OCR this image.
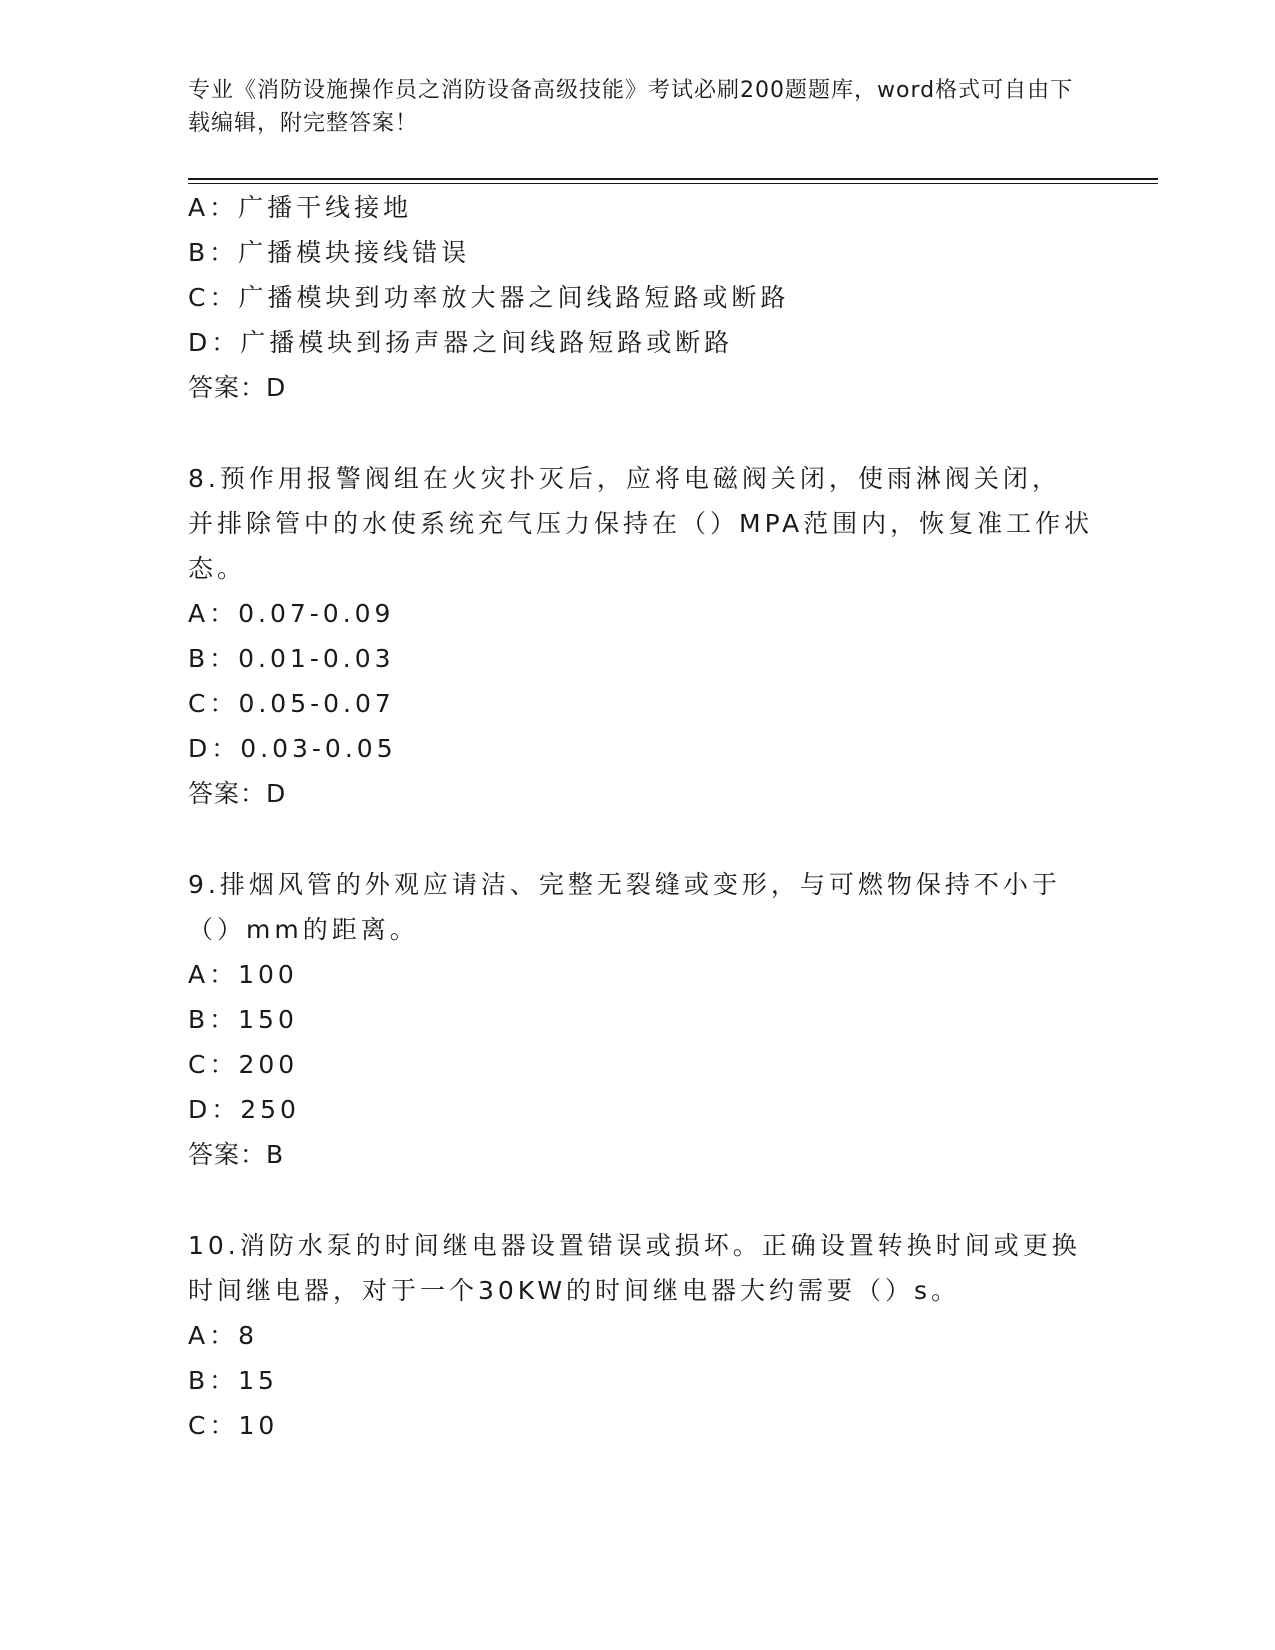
专业《消防设施操作员之消防设备高级技能》考试必刷200题题库，word格式可自由下载编辑，附完整答案！
A：广播干线接地
B：广播模块接线错误
C：广播模块到功率放大器之间线路短路或断路
D：广播模块到扬声器之间线路短路或断路
答案：D
8.预作用报警阀组在火灾扑灭后，应将电磁阀关闭，使雨淋阀关闭，
并排除管中的水使系统充气压力保持在（）MPA范围内，恢复准工作状
态。
A：0.07-0.09
B：0.01-0.03
C：0.05-0.07
D：0.03-0.05
答案：D
9.排烟风管的外观应请洁、完整无裂缝或变形，与可燃物保持不小于
（）mm的距离。
A：100
B：150
C：200
D：250
答案：B
10.消防水泵的时间继电器设置错误或损坏。正确设置转换时间或更换
时间继电器，对于一个30KW的时间继电器大约需要（）s。
A：8
B：15
C：10
